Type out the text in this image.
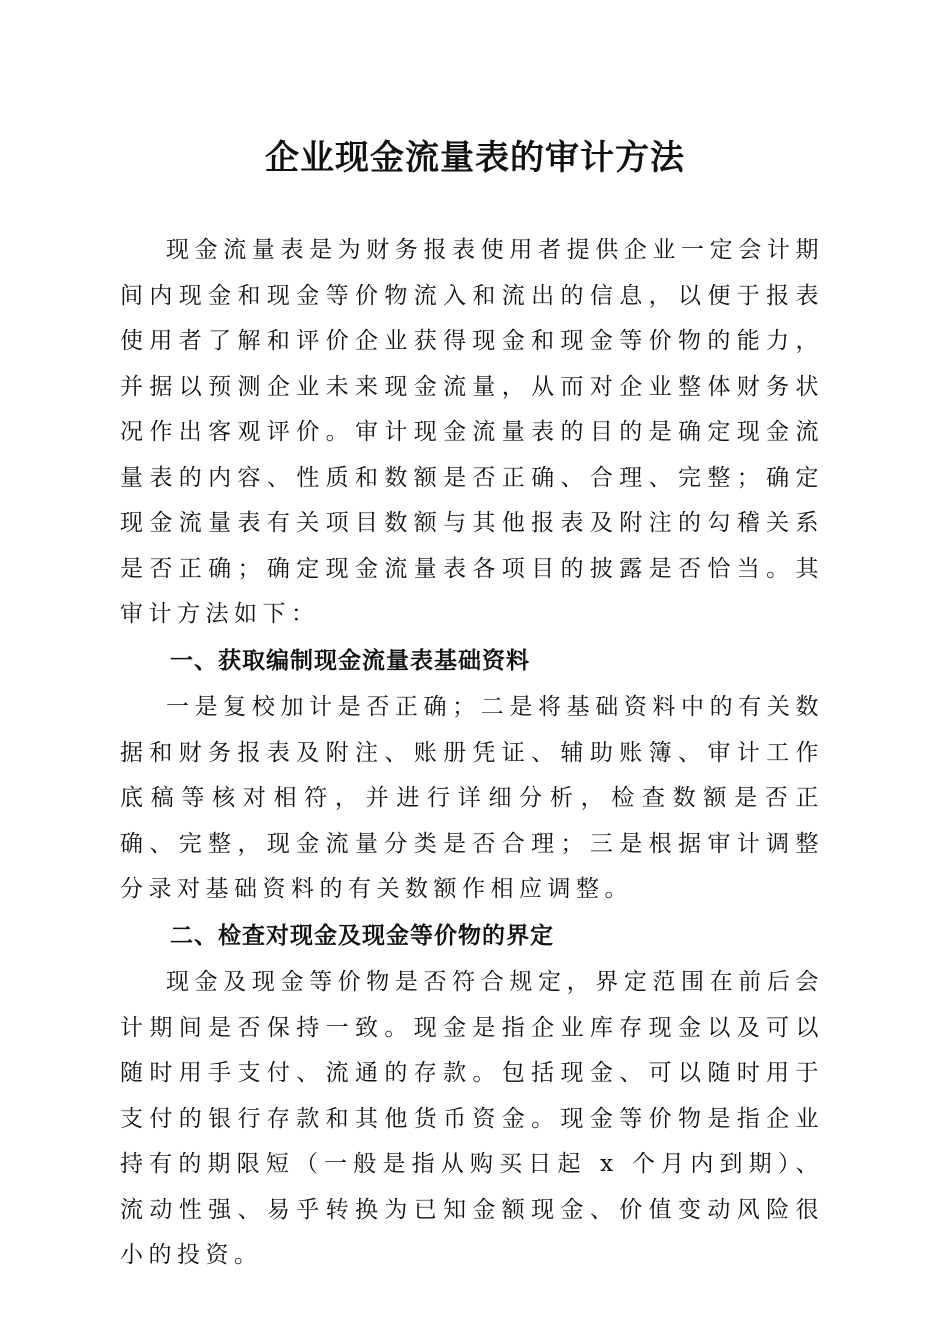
企业现金流量表的审计方法

现金流量表是为财务报表使用者提供企业一定会计期间内现金和现金等价物流入和流出的信息，以便于报表使用者了解和评价企业获得现金和现金等价物的能力，并据以预测企业未来现金流量，从而对企业整体财务状况作出客观评价。审计现金流量表的目的是确定现金流量表的内容、性质和数额是否正确、合理、完整；确定现金流量表有关项目数额与其他报表及附注的勾稽关系是否正确；确定现金流量表各项目的披露是否恰当。其审计方法如下：

一、获取编制现金流量表基础资料

一是复校加计是否正确；二是将基础资料中的有关数据和财务报表及附注、账册凭证、辅助账簿、审计工作底稿等核对相符，并进行详细分析，检查数额是否正确、完整，现金流量分类是否合理；三是根据审计调整分录对基础资料的有关数额作相应调整。

二、检查对现金及现金等价物的界定

现金及现金等价物是否符合规定，界定范围在前后会计期间是否保持一致。现金是指企业库存现金以及可以随时用手支付、流通的存款。包括现金、可以随时用于支付的银行存款和其他货币资金。现金等价物是指企业持有的期限短（一般是指从购买日起 x 个月内到期）、流动性强、易乎转换为已知金额现金、价值变动风险很小的投资。
